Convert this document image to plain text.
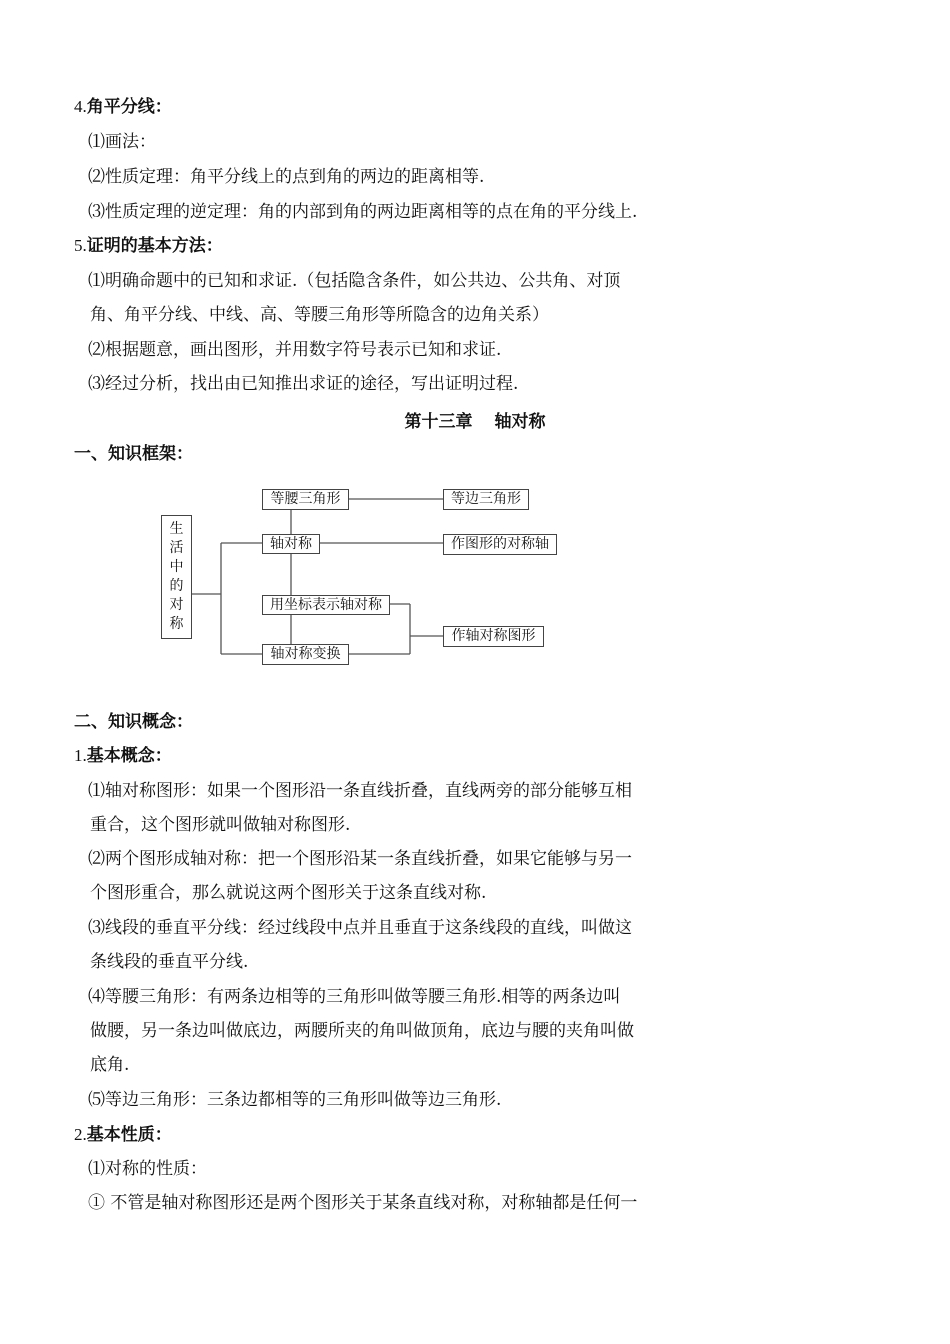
4.角平分线：
⑴画法：
⑵性质定理：角平分线上的点到角的两边的距离相等.
⑶性质定理的逆定理：角的内部到角的两边距离相等的点在角的平分线上.
5.证明的基本方法：
⑴明确命题中的已知和求证.（包括隐含条件，如公共边、公共角、对顶
角、角平分线、中线、高、等腰三角形等所隐含的边角关系）
⑵根据题意，画出图形，并用数字符号表示已知和求证.
⑶经过分析，找出由已知推出求证的途径，写出证明过程.
第十三章 轴对称
一、知识框架：
生
活
中
的
对
称
等腰三角形	等边三角形
轴对称	作图形的对称轴
用坐标表示轴对称
作轴对称图形
轴对称变换
二、知识概念：
1.基本概念：
⑴轴对称图形：如果一个图形沿一条直线折叠，直线两旁的部分能够互相
重合，这个图形就叫做轴对称图形.
⑵两个图形成轴对称：把一个图形沿某一条直线折叠，如果它能够与另一
个图形重合，那么就说这两个图形关于这条直线对称.
⑶线段的垂直平分线：经过线段中点并且垂直于这条线段的直线，叫做这
条线段的垂直平分线.
⑷等腰三角形：有两条边相等的三角形叫做等腰三角形.相等的两条边叫
做腰，另一条边叫做底边，两腰所夹的角叫做顶角，底边与腰的夹角叫做
底角.
⑸等边三角形：三条边都相等的三角形叫做等边三角形.
2.基本性质：
⑴对称的性质：
① 不管是轴对称图形还是两个图形关于某条直线对称，对称轴都是任何一
